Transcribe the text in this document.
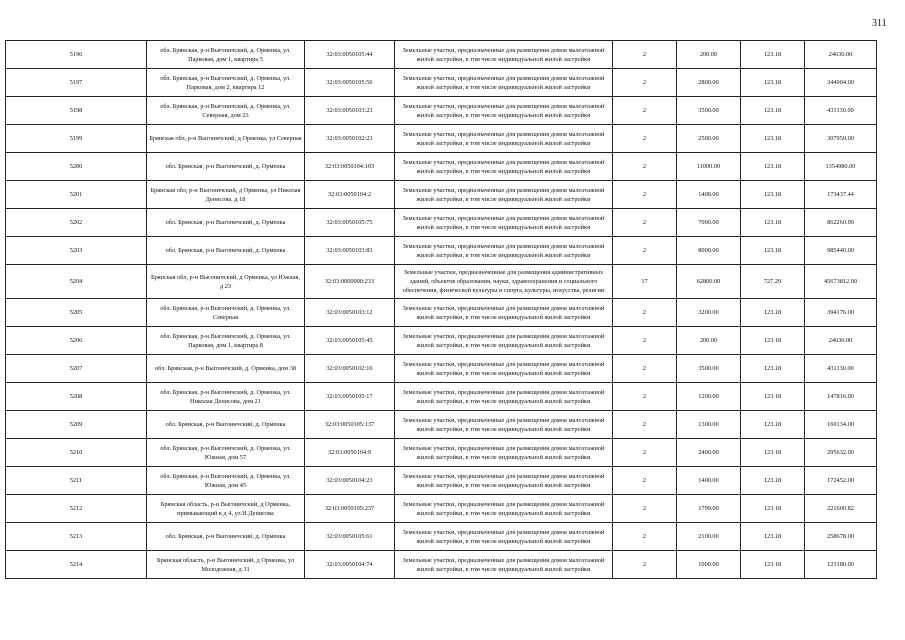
311
5196	обл. Брянская, р-н Выгоничский, д. Орменка, ул. Парковая, дом 1, квартира 5	32:03:0050105:44	Земельные участки, предназначенные для размещения домов малоэтажной жилой застройки, в том числе индивидуальной жилой застройки	2	200.00	123.18	24636.00
5197	обл. Брянская, р-н Выгоничский, д. Орменка, ул. Парковая, дом 2, квартира 12	32:03:0050105:56	Земельные участки, предназначенные для размещения домов малоэтажной жилой застройки, в том числе индивидуальной жилой застройки	2	2800.00	123.18	344904.00
5198	обл. Брянская, р-н Выгоничский, д. Орменка, ул. Северная, дом 23	32:03:0050103:23	Земельные участки, предназначенные для размещения домов малоэтажной жилой застройки, в том числе индивидуальной жилой застройки	2	3500.00	123.18	431130.00
5199	Брянская обл, р-н Выгоничский, д Орменка, ул Северная	32:03:0050102:23	Земельные участки, предназначенные для размещения домов малоэтажной жилой застройки, в том числе индивидуальной жилой застройки	2	2500.00	123.18	307950.00
5200	обл. Брянская, р-н Выгоничский, д. Орменка	32:03:0050104:103	Земельные участки, предназначенные для размещения домов малоэтажной жилой застройки, в том числе индивидуальной жилой застройки	2	11000.00	123.18	1354980.00
5201	Брянская обл, р-н Выгоничский, д Орменка, ул Николая Денисова, д 18	32:03:0050104:2	Земельные участки, предназначенные для размещения домов малоэтажной жилой застройки, в том числе индивидуальной жилой застройки	2	1408.00	123.18	173437.44
5202	обл. Брянская, р-н Выгоничский, д. Орменка	32:03:0050105:75	Земельные участки, предназначенные для размещения домов малоэтажной жилой застройки, в том числе индивидуальной жилой застройки	2	7000.00	123.18	862260.00
5203	обл. Брянская, р-н Выгоничский, д. Орменка	32:03:0050103:83	Земельные участки, предназначенные для размещения домов малоэтажной жилой застройки, в том числе индивидуальной жилой застройки	2	8000.00	123.18	985440.00
5204	Брянская обл, р-н Выгоничский, д Орменка, ул Южная, д 23	32:03:0000000:233	Земельные участки, предназначенные для размещения административных зданий, объектов образования, науки, здравоохранения и социального обеспечения, физической культуры и спорта, культуры, искусства, религии	17	62800.00	727.29	45673812.00
5205	обл. Брянская, р-н Выгоничский, д. Орменка, ул. Северная	32:03:0050103:12	Земельные участки, предназначенные для размещения домов малоэтажной жилой застройки, в том числе индивидуальной жилой застройки	2	3200.00	123.18	394176.00
5206	обл. Брянская, р-н Выгоничский, д. Орменка, ул. Парковая, дом 1, квартира 8	32:03:0050105:45	Земельные участки, предназначенные для размещения домов малоэтажной жилой застройки, в том числе индивидуальной жилой застройки	2	200.00	123.18	24636.00
5207	обл. Брянская, р-н Выгоничский, д. Орменка, дом 38	32:03:0050102:10	Земельные участки, предназначенные для размещения домов малоэтажной жилой застройки, в том числе индивидуальной жилой застройки	2	3500.00	123.18	431130.00
5208	обл. Брянская, р-н Выгоничский, д. Орменка, ул. Николая Денисова, дом 21	32:03:0050105:17	Земельные участки, предназначенные для размещения домов малоэтажной жилой застройки, в том числе индивидуальной жилой застройки	2	1200.00	123.18	147816.00
5209	обл. Брянская, р-н Выгоничский, д. Орменка	32:03:0050105:137	Земельные участки, предназначенные для размещения домов малоэтажной жилой застройки, в том числе индивидуальной жилой застройки	2	1300.00	123.18	160134.00
5210	обл. Брянская, р-н Выгоничский, д. Орменка, ул. Южная, дом 57	32:03:0050104:9	Земельные участки, предназначенные для размещения домов малоэтажной жилой застройки, в том числе индивидуальной жилой застройки	2	2400.00	123.18	295632.00
5211	обл. Брянская, р-н Выгоничский, д. Орменка, ул. Южная, дом 45	32:03:0050104:23	Земельные участки, предназначенные для размещения домов малоэтажной жилой застройки, в том числе индивидуальной жилой застройки	2	1400.00	123.18	172452.00
5212	Брянская область, р-н Выгоничский, д Орменка, примыкающий к д 4, ул.Н.Денисова	32:03:0050105:237	Земельные участки, предназначенные для размещения домов малоэтажной жилой застройки, в том числе индивидуальной жилой застройки	2	1799.00	123.18	221600.82
5213	обл. Брянская, р-н Выгоничский, д. Орменка	32:03:0050105:61	Земельные участки, предназначенные для размещения домов малоэтажной жилой застройки, в том числе индивидуальной жилой застройки	2	2100.00	123.18	258678.00
5214	Брянская область, р-н Выгоничский, д Орменка, ул Молодежная, д 31	32:03:0050104:74	Земельные участки, предназначенные для размещения домов малоэтажной жилой застройки, в том числе индивидуальной жилой застройки	2	1000.00	123.18	123180.00
